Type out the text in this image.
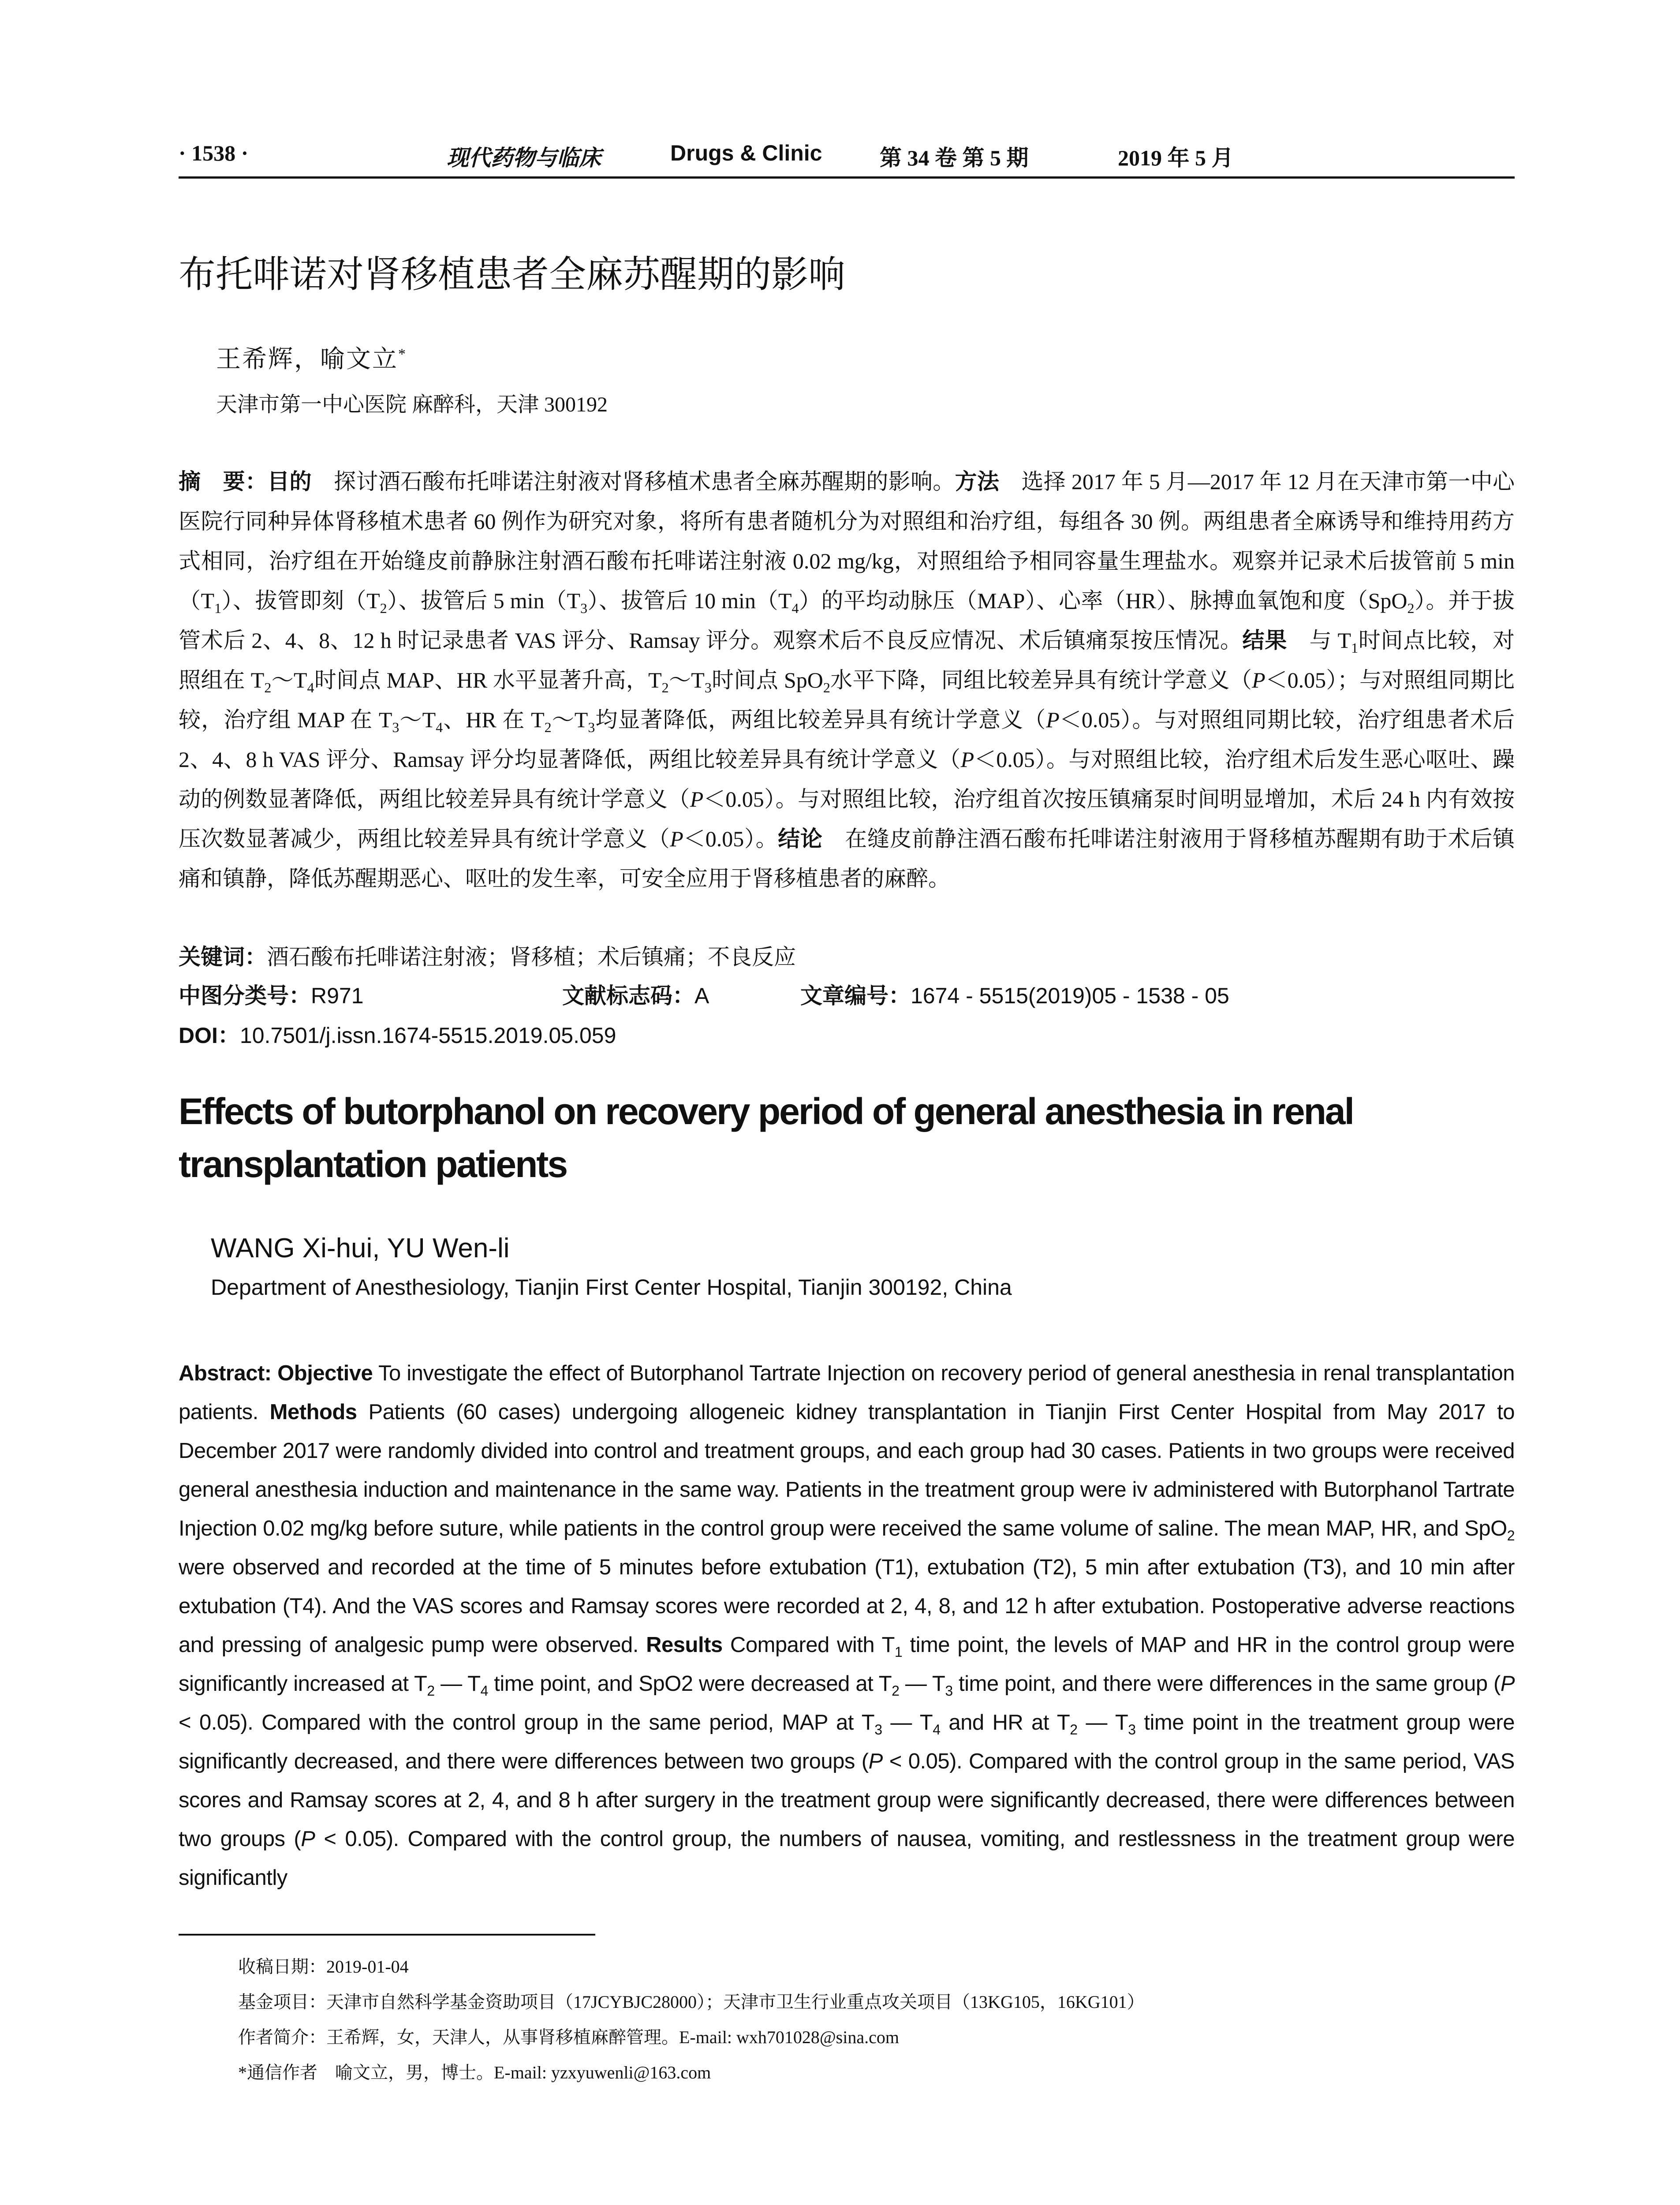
· 1538 ·	现代药物与临床	Drugs & Clinic	第 34 卷 第 5 期	2019 年 5 月
布托啡诺对肾移植患者全麻苏醒期的影响
王希辉，喻文立*
天津市第一中心医院 麻醉科，天津 300192

摘　要：目的　探讨酒石酸布托啡诺注射液对肾移植术患者全麻苏醒期的影响。方法　选择 2017 年 5 月—2017 年 12 月在天津市第一中心医院行同种异体肾移植术患者 60 例作为研究对象，将所有患者随机分为对照组和治疗组，每组各 30 例。两组患者全麻诱导和维持用药方式相同，治疗组在开始缝皮前静脉注射酒石酸布托啡诺注射液 0.02 mg/kg，对照组给予相同容量生理盐水。观察并记录术后拔管前 5 $\min(T_1)$、拔管即刻$(T_2)$、拔管后 5 $\min(T_3)$、拔管后 10 $\min(T_4)$的平均动脉压（MAP）、心率（HR）、脉搏血氧饱和度（SpO$_2$）。并于拔管术后 2、4、8、12 h 时记录患者 VAS 评分、Ramsay 评分。观察术后不良反应情况、术后镇痛泵按压情况。结果　与 $T_1$时间点比较，对照组在 $T_2\sim T_4$时间点 MAP、HR 水平显著升高，$T_2\sim T_3$时间点 SpO$_2$水平下降，同组比较差异具有统计学意义（P＜0.05）；与对照组同期比较，治疗组 MAP 在 $T_3\sim T_4$、HR 在 $T_2\sim T_3$均显著降低，两组比较差异具有统计学意义（P＜0.05）。与对照组同期比较，治疗组患者术后 2、4、8 h VAS 评分、Ramsay 评分均显著降低，两组比较差异具有统计学意义（P＜0.05）。与对照组比较，治疗组术后发生恶心呕吐、躁动的例数显著降低，两组比较差异具有统计学意义（P＜0.05）。与对照组比较，治疗组首次按压镇痛泵时间明显增加，术后 24 h 内有效按压次数显著减少，两组比较差异具有统计学意义（P＜0.05）。结论　在缝皮前静注酒石酸布托啡诺注射液用于肾移植苏醒期有助于术后镇痛和镇静，降低苏醒期恶心、呕吐的发生率，可安全应用于肾移植患者的麻醉。

关键词：酒石酸布托啡诺注射液；肾移植；术后镇痛；不良反应

中图分类号：R971	文献标志码：A	文章编号：1674 - 5515(2019)05 - 1538 - 05

DOI：10.7501/j.issn.1674-5515.2019.05.059

Effects of butorphanol on recovery period of general anesthesia in renal transplantation patients
WANG Xi-hui, YU Wen-li
Department of Anesthesiology, Tianjin First Center Hospital, Tianjin 300192, China

Abstract: Objective To investigate the effect of Butorphanol Tartrate Injection on recovery period of general anesthesia in renal transplantation patients. Methods Patients (60 cases) undergoing allogeneic kidney transplantation in Tianjin First Center Hospital from May 2017 to December 2017 were randomly divided into control and treatment groups, and each group had 30 cases. Patients in two groups were received general anesthesia induction and maintenance in the same way. Patients in the treatment group were iv administered with Butorphanol Tartrate Injection 0.02 mg/kg before suture, while patients in the control group were received the same volume of saline. The mean MAP, HR, and SpO$_2$ were observed and recorded at the time of 5 minutes before extubation (T1), extubation (T2), 5 min after extubation (T3), and 10 min after extubation (T4). And the VAS scores and Ramsay scores were recorded at 2, 4, 8, and 12 h after extubation. Postoperative adverse reactions and pressing of analgesic pump were observed. Results Compared with $T_1$ time point, the levels of MAP and HR in the control group were significantly increased at $T_2$ — $T_4$ time point, and SpO2 were decreased at $T_2$ — $T_3$ time point, and there were differences in the same group (P < 0.05). Compared with the control group in the same period, MAP at $T_3$ — $T_4$ and HR at $T_2$ — $T_3$ time point in the treatment group were significantly decreased, and there were differences between two groups (P < 0.05). Compared with the control group in the same period, VAS scores and Ramsay scores at 2, 4, and 8 h after surgery in the treatment group were significantly decreased, there were differences between two groups (P < 0.05). Compared with the control group, the numbers of nausea, vomiting, and restlessness in the treatment group were significantly

收稿日期：2019-01-04
基金项目：天津市自然科学基金资助项目（17JCYBJC28000）；天津市卫生行业重点攻关项目（13KG105，16KG101）
作者简介：王希辉，女，天津人，从事肾移植麻醉管理。E-mail: wxh701028@sina.com
*通信作者　喻文立，男，博士。E-mail: yzxyuwenli@163.com
